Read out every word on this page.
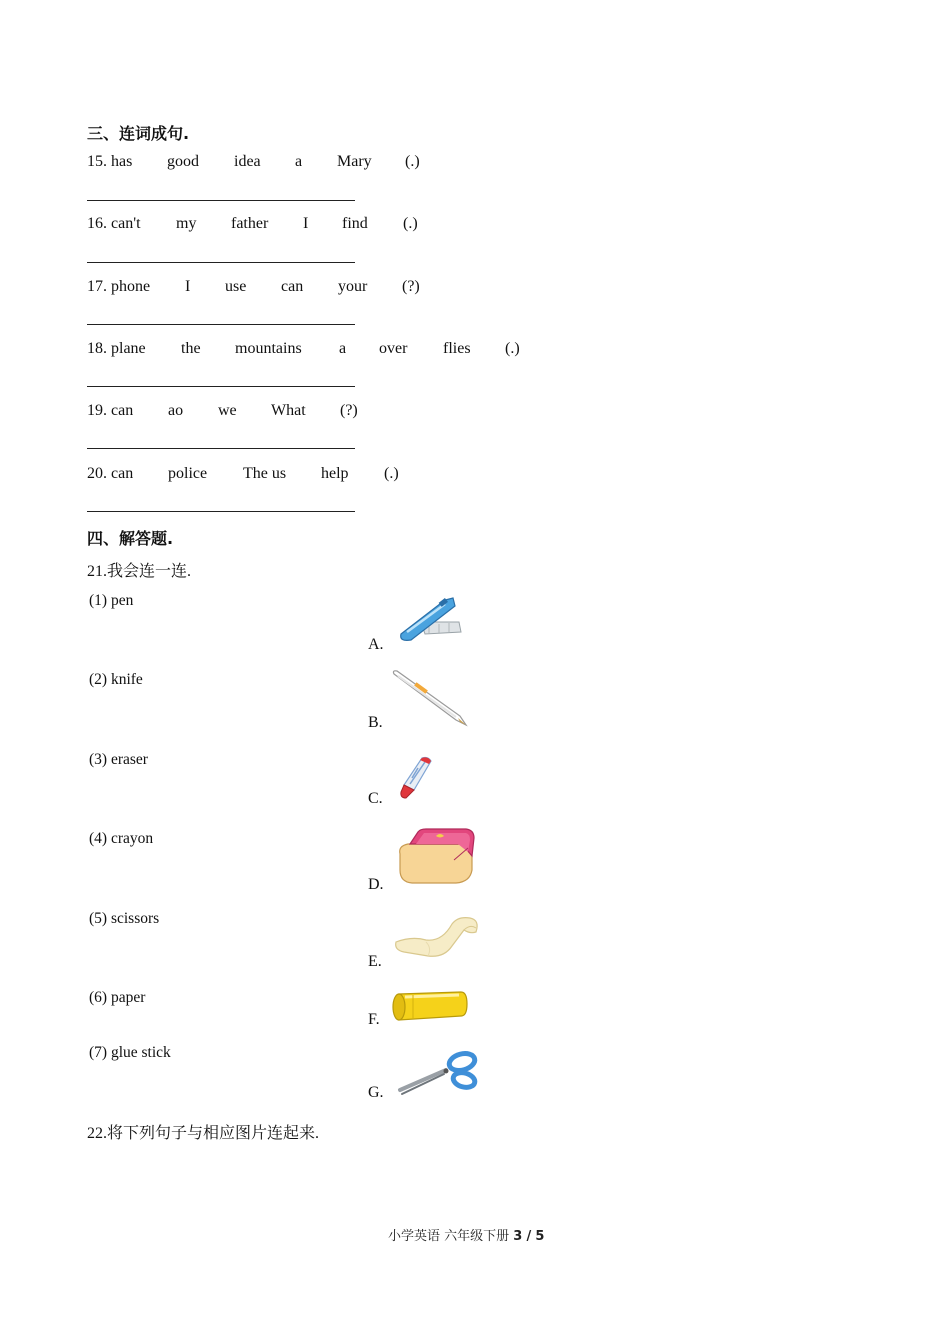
三、连词成句.
15. has good idea a Mary (.)
16. can't my father I find (.)
17. phone I use can your (?)
18. plane the mountains a over flies (.)
19. can ao we What (?)
20. can police The us help (.)
四、解答题.
21.我会连一连.
(1) pen
(2) knife
(3) eraser
(4) crayon
(5) scissors
(6) paper
(7) glue stick
A.
B.
C.
D.
E.
F.
G.
22.将下列句子与相应图片连起来.
小学英语 六年级下册 3 / 5
